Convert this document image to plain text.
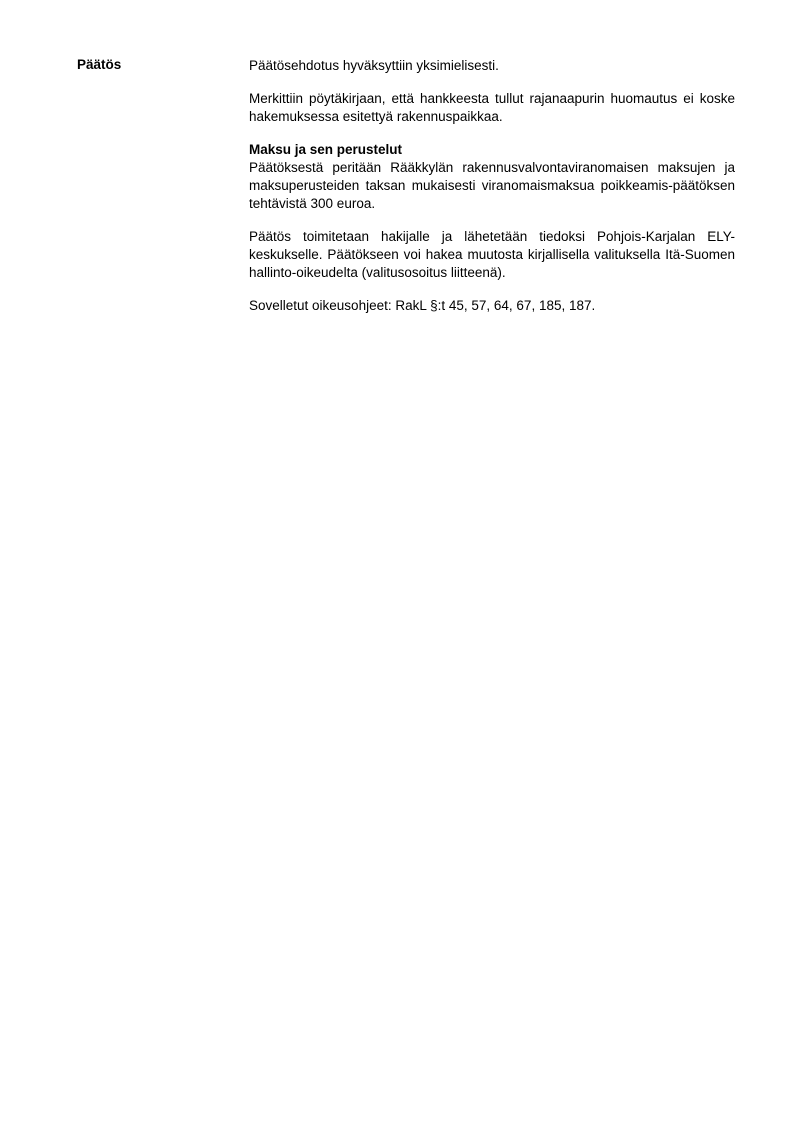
Päätös	Päätösehdotus hyväksyttiin yksimielisesti.

Merkittiin pöytäkirjaan, että hankkeesta tullut rajanaapurin huomautus ei koske hakemuksessa esitettyä rakennuspaikkaa.

Maksu ja sen perustelut
Päätöksestä peritään Rääkkylän rakennusvalvontaviranomaisen maksujen ja maksuperusteiden taksan mukaisesti viranomaismaksua poikkeamis-päätöksen tehtävistä 300 euroa.

Päätös toimitetaan hakijalle ja lähetetään tiedoksi Pohjois-Karjalan ELY-keskukselle. Päätökseen voi hakea muutosta kirjallisella valituksella Itä-Suomen hallinto-oikeudelta (valitusosoitus liitteenä).

Sovelletut oikeusohjeet: RakL §:t 45, 57, 64, 67, 185, 187.
